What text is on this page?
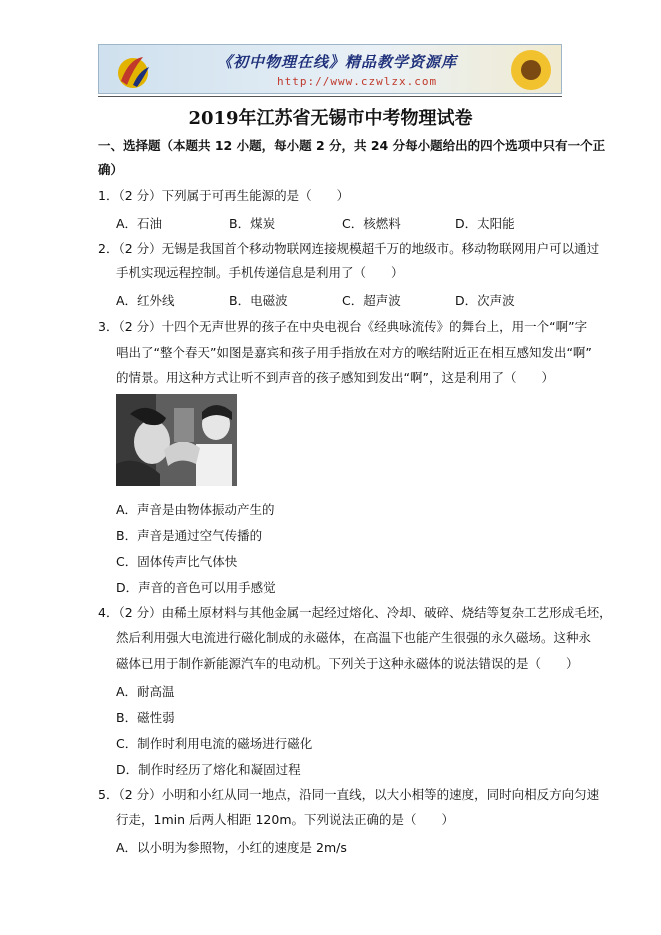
《初中物理在线》精品教学资源库
http://www.czwlzx.com
2019年江苏省无锡市中考物理试卷
一、选择题（本题共 12 小题，每小题 2 分，共 24 分每小题给出的四个选项中只有一个正
确）
1．（2 分）下列属于可再生能源的是（　　）
A．石油	B．煤炭	C．核燃料	D．太阳能
2．（2 分）无锡是我国首个移动物联网连接规模超千万的地级市。移动物联网用户可以通过
手机实现远程控制。手机传递信息是利用了（　　）
A．红外线	B．电磁波	C．超声波	D．次声波
3．（2 分）十四个无声世界的孩子在中央电视台《经典咏流传》的舞台上，用一个“啊”字
唱出了“整个春天”如图是嘉宾和孩子用手指放在对方的喉结附近正在相互感知发出“啊”
的情景。用这种方式让听不到声音的孩子感知到发出“啊”，这是利用了（　　）
A．声音是由物体振动产生的
B．声音是通过空气传播的
C．固体传声比气体快
D．声音的音色可以用手感觉
4．（2 分）由稀土原材料与其他金属一起经过熔化、冷却、破碎、烧结等复杂工艺形成毛坯，
然后利用强大电流进行磁化制成的永磁体，在高温下也能产生很强的永久磁场。这种永
磁体已用于制作新能源汽车的电动机。下列关于这种永磁体的说法错误的是（　　）
A．耐高温
B．磁性弱
C．制作时利用电流的磁场进行磁化
D．制作时经历了熔化和凝固过程
5．（2 分）小明和小红从同一地点，沿同一直线，以大小相等的速度，同时向相反方向匀速
行走，1min 后两人相距 120m。下列说法正确的是（　　）
A．以小明为参照物，小红的速度是 2m/s
